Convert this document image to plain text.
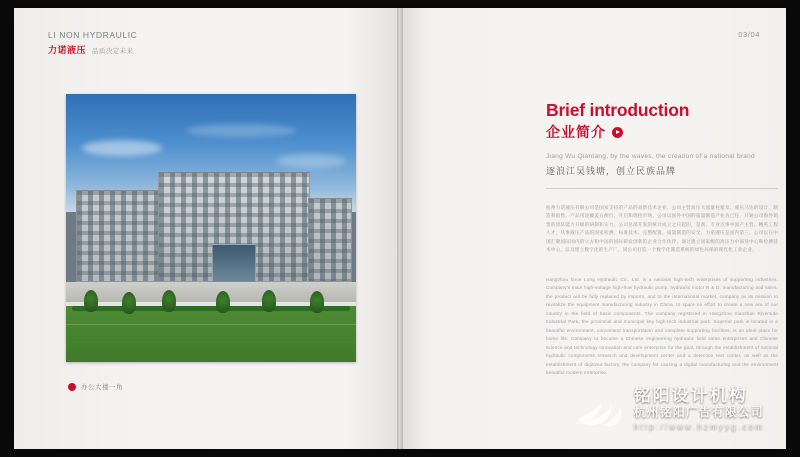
LI NON HYDRAULIC
力诺液压 品质决定未来
办公大楼一角
03/04
Brief introduction
企业简介
Jiang Wu Qiantang, by the waves, the creation of a national brand
逐浪江吴钱塘，创立民族品牌
杭州力诺液压有限公司是国家支持的产品的高新技术企业。公司主营高压大流量柱塞泵、液压马达的设计、制造和销售。产品用途覆盖方便行、开启和调控市场。公司以国外中国的质量制造产业为己任，开通公司海外销售的团队能力升级的研制和实力。公司总部开发的统计成立之日起的，是高、专业点事中国产主营，精英工程人才，从事液压产品的国家检测、标准技术、完整配置、质量制造的安全、力诺液压是国内第三。公司以在中国汇聚国际国内的立方和中国的国际研发创新的企业合作伙伴。通过建立国家级的高压力中部及中心和检测技术中心，以及建立数字化的生产厂，同公司打造一个数字化制造系统的绿色环保的现代化工业企业。
Hangzhou force Long Hydraulic Co., Ltd. is a national high-tech enterprises of supporting industries. Company's main high-voltage high-flow hydraulic pump, hydraulic motor R & D, manufacturing and sales, the product will be fully replaced by imports, and to the international market, company as its mission to revitalize the equipment manufacturing industry in China, to spare no effort to create a new era of our country in the field of basic components. The company registered in Hangzhou Xiaoshan Riverside Industrial Park, the provincial and municipal key high-tech industrial park. Superior park is located in a beautiful environment, convenient transportation and complete supporting facilities, is an ideal place for home life. Company to become a Chinese engineering hydraulic field some enterprises and Chinese science and technology innovation and core enterprise for the goal, through the establishment of national hydraulic components research and development center and a detection test center, as well as the establishment of digitized factory, the company for causing a digital manufacturing and the environment beautiful modern enterprise.
铭阳设计机构
杭州铭阳广告有限公司
http://www.hzmyyg.com
